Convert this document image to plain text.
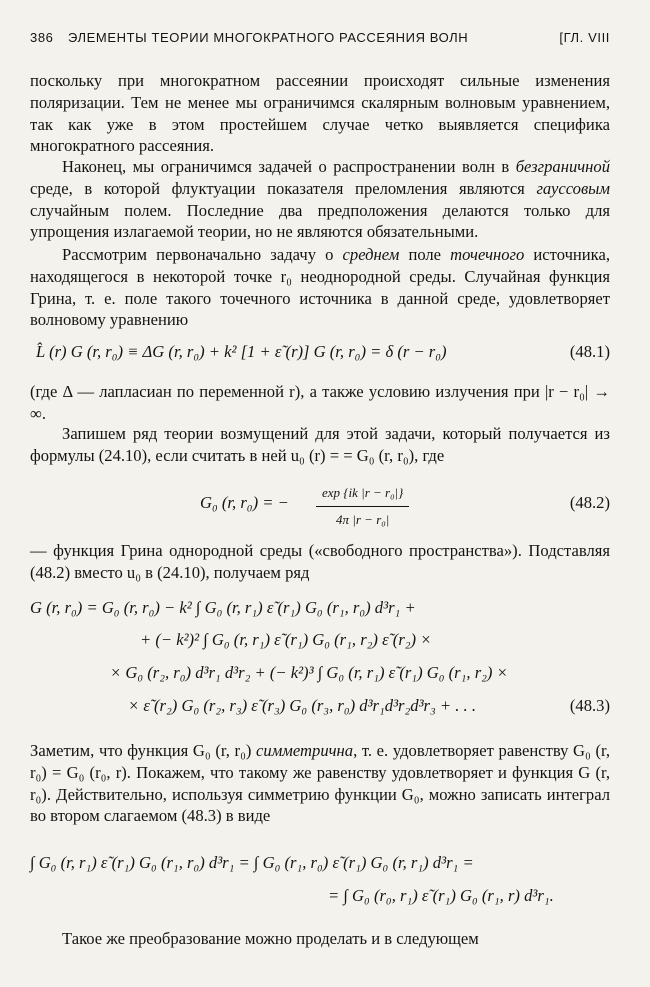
386 ЭЛЕМЕНТЫ ТЕОРИИ МНОГОКРАТНОГО РАССЕЯНИЯ ВОЛН	[ГЛ. VIII

поскольку при многократном рассеянии происходят сильные изменения поляризации. Тем не менее мы ограничимся скалярным волновым уравнением, так как уже в этом простейшем случае четко выявляется специфика многократного рассеяния.

Наконец, мы ограничимся задачей о распространении волн в безграничной среде, в которой флуктуации показателя преломления являются гауссовым случайным полем. Последние два предположения делаются только для упрощения излагаемой теории, но не являются обязательными.

Рассмотрим первоначально задачу о среднем поле точечного источника, находящегося в некоторой точке r₀ неоднородной среды. Случайная функция Грина, т. е. поле такого точечного источника в данной среде, удовлетворяет волновому уравнению

L̂ (r) G (r, r₀) ≡ ΔG (r, r₀) + k² [1 + ε̃ (r)] G (r, r₀) = δ (r − r₀)	(48.1)

(где Δ — лапласиан по переменной r), а также условию излучения при |r − r₀| → ∞.

Запишем ряд теории возмущений для этой задачи, который получается из формулы (24.10), если считать в ней u₀ (r) = = G₀ (r, r₀), где

G₀ (r, r₀) = − $\frac{\text{exp \{ik |r − r₀|\}}}{\text{4π |r − r₀|}}$	(48.2)

— функция Грина однородной среды («свободного пространства»). Подставляя (48.2) вместо u₀ в (24.10), получаем ряд

G (r, r₀) = G₀ (r, r₀) − k² ∫ G₀ (r, r₁) ε̃ (r₁) G₀ (r₁, r₀) d³r₁ +
+ (− k²)² ∫ G₀ (r, r₁) ε̃ (r₁) G₀ (r₁, r₂) ε̃ (r₂) ×
× G₀ (r₂, r₀) d³r₁ d³r₂ + (− k²)³ ∫ G₀ (r, r₁) ε̃ (r₁) G₀ (r₁, r₂) ×
× ε̃ (r₂) G₀ (r₂, r₃) ε̃ (r₃) G₀ (r₃, r₀) d³r₁d³r₂d³r₃ + . . .	(48.3)

Заметим, что функция G₀ (r, r₀) симметрична, т. е. удовлетворяет равенству G₀ (r, r₀) = G₀ (r₀, r). Покажем, что такому же равенству удовлетворяет и функция G (r, r₀). Действительно, используя симметрию функции G₀, можно записать интеграл во втором слагаемом (48.3) в виде

∫ G₀ (r, r₁) ε̃ (r₁) G₀ (r₁, r₀) d³r₁ = ∫ G₀ (r₁, r₀) ε̃ (r₁) G₀ (r, r₁) d³r₁ =
= ∫ G₀ (r₀, r₁) ε̃ (r₁) G₀ (r₁, r) d³r₁.

Такое же преобразование можно проделать и в следующем
